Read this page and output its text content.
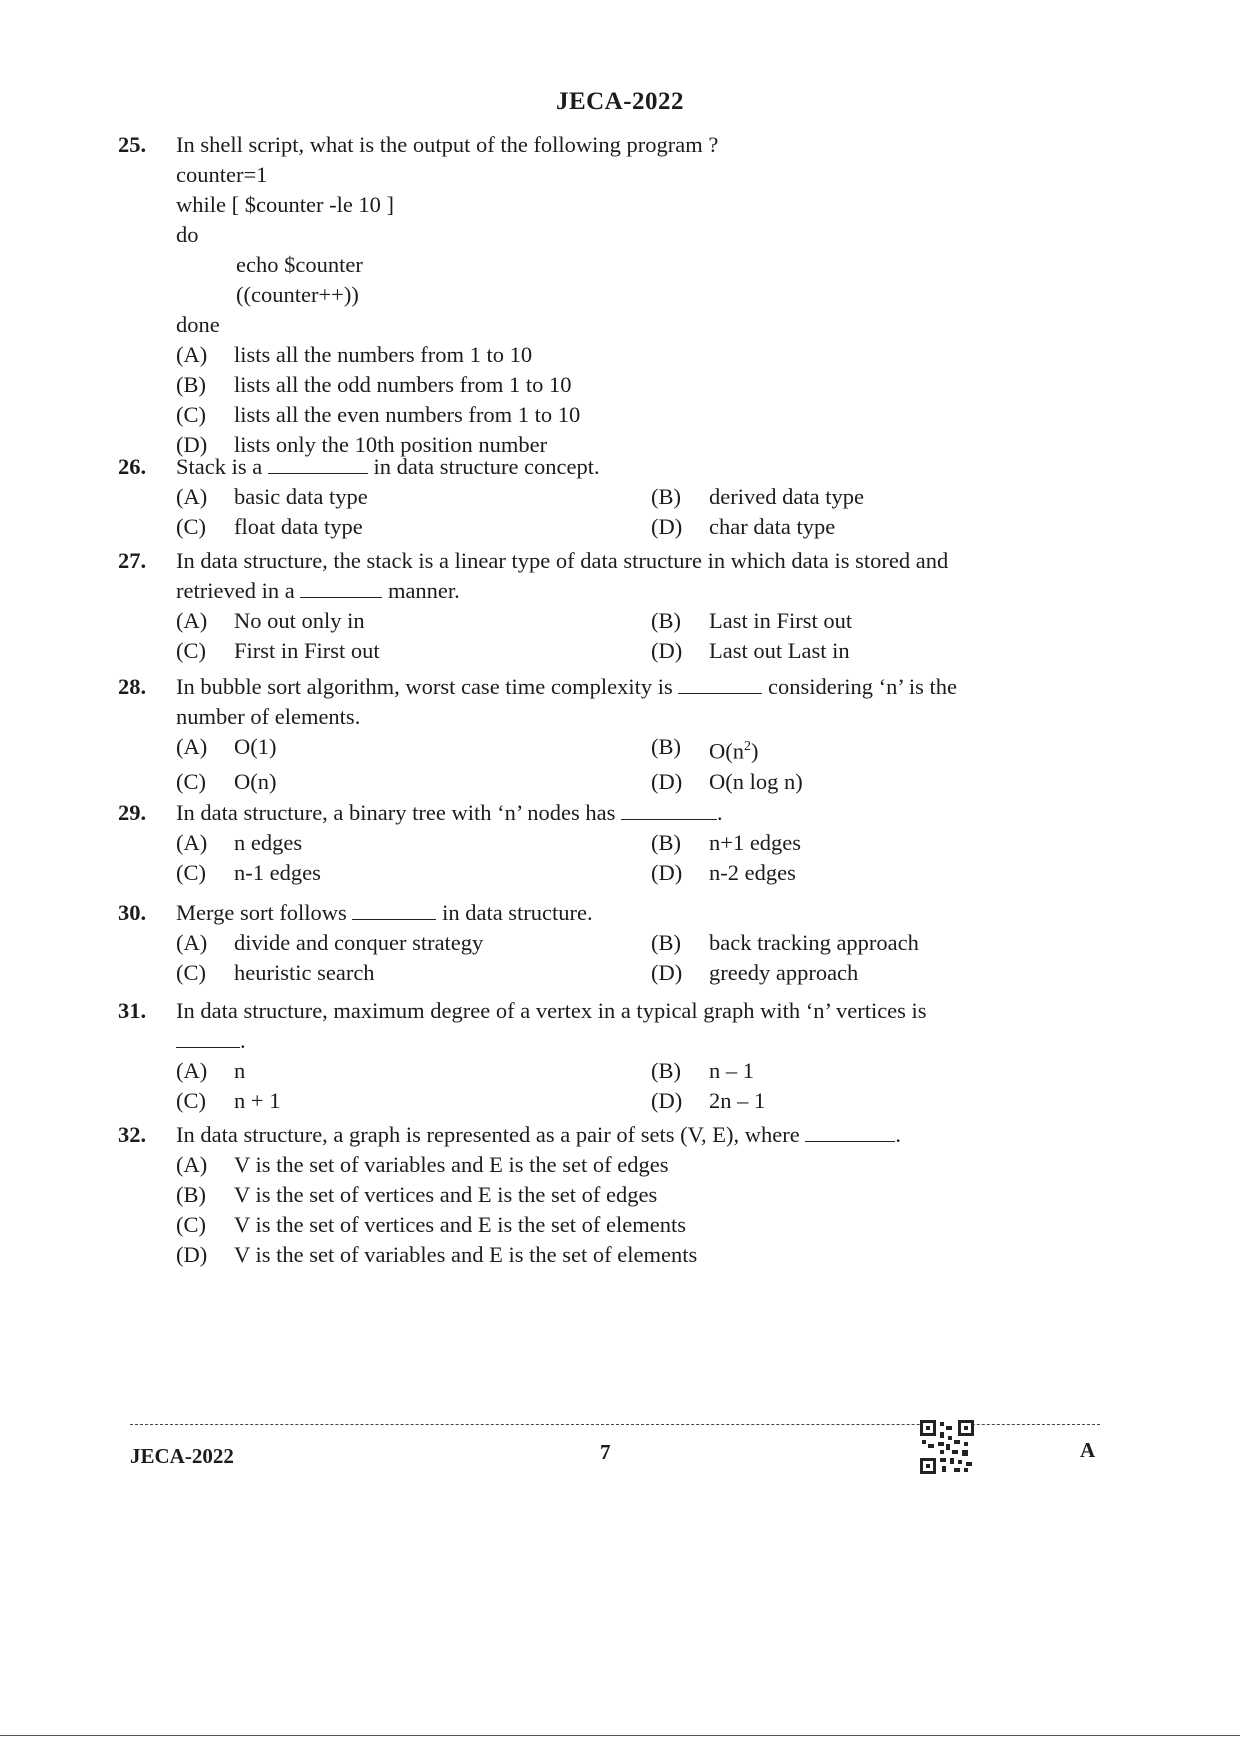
JECA-2022
25.	In shell script, what is the output of the following program ?
counter=1
while [ $counter -le 10 ]
do
echo $counter
((counter++))
done
(A)	lists all the numbers from 1 to 10
(B)	lists all the odd numbers from 1 to 10
(C)	lists all the even numbers from 1 to 10
(D)	lists only the 10th position number
26.	Stack is a	in data structure concept.
(A)	basic data type	(B)	derived data type
(C)	float data type	(D)	char data type
27.	In data structure, the stack is a linear type of data structure in which data is stored and
retrieved in a	manner.
(A)	No out only in	(B)	Last in First out
(C)	First in First out	(D)	Last out Last in
28.	In bubble sort algorithm, worst case time complexity is	considering ‘n’ is the
number of elements.
(A)	O(1)	(B)	$O(n^2)$
(C)	O(n)	(D)	O(n log n)
29.	In data structure, a binary tree with ‘n’ nodes has	.
(A)	n edges	(B)	n+1 edges
(C)	n-1 edges	(D)	n-2 edges
30.	Merge sort follows	in data structure.
(A)	divide and conquer strategy	(B)	back tracking approach
(C)	heuristic search	(D)	greedy approach
31.	In data structure, maximum degree of a vertex in a typical graph with ‘n’ vertices is
.
(A)	n	(B)	n – 1
(C)	n + 1	(D)	2n – 1
32.	In data structure, a graph is represented as a pair of sets (V, E), where	.
(A)	V is the set of variables and E is the set of edges
(B)	V is the set of vertices and E is the set of edges
(C)	V is the set of vertices and E is the set of elements
(D)	V is the set of variables and E is the set of elements
JECA-2022	7	A
